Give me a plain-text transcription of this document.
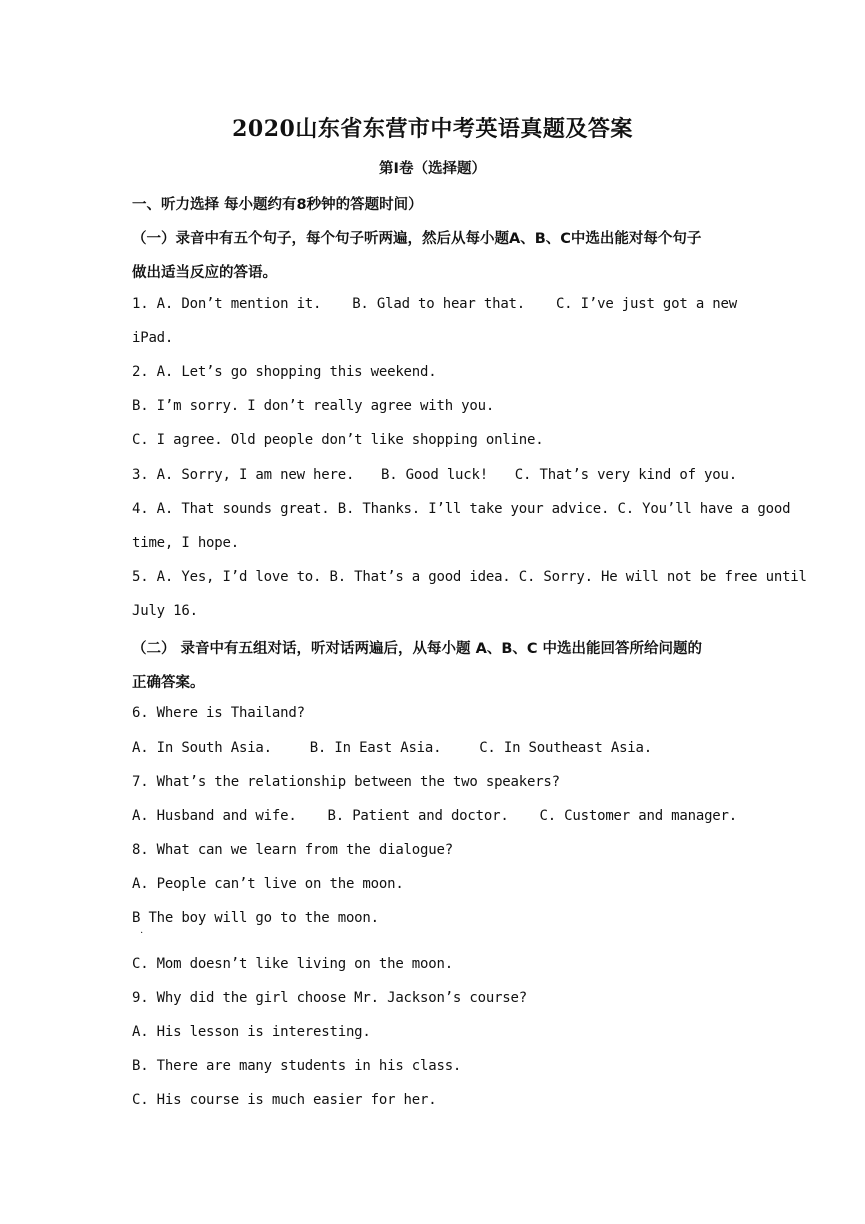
2020山东省东营市中考英语真题及答案
第Ⅰ卷（选择题）
一、听力选择 每小题约有8秒钟的答题时间）
（一）录音中有五个句子，每个句子听两遍，然后从每小题A、B、C中选出能对每个句子
做出适当反应的答语。
1. A. Don’t mention it. B. Glad to hear that. C. I’ve just got a new
iPad.
2. A. Let’s go shopping this weekend.
B. I’m sorry. I don’t really agree with you.
C. I agree. Old people don’t like shopping online.
3. A. Sorry, I am new here. B. Good luck! C. That’s very kind of you.
4. A. That sounds great. B. Thanks. I’ll take your advice. C. You’ll have a good
time, I hope.
5. A. Yes, I’d love to. B. That’s a good idea. C. Sorry. He will not be free until
July 16.
（二） 录音中有五组对话，听对话两遍后，从每小题 A、B、C 中选出能回答所给问题的
正确答案。
6. Where is Thailand?
A. In South Asia.	B. In East Asia.	C. In Southeast Asia.
7. What’s the relationship between the two speakers?
A. Husband and wife. B. Patient and doctor. C. Customer and manager.
8. What can we learn from the dialogue?
A. People can’t live on the moon.
B The boy will go to the moon.
·
C. Mom doesn’t like living on the moon.
9. Why did the girl choose Mr. Jackson’s course?
A. His lesson is interesting.
B. There are many students in his class.
C. His course is much easier for her.
